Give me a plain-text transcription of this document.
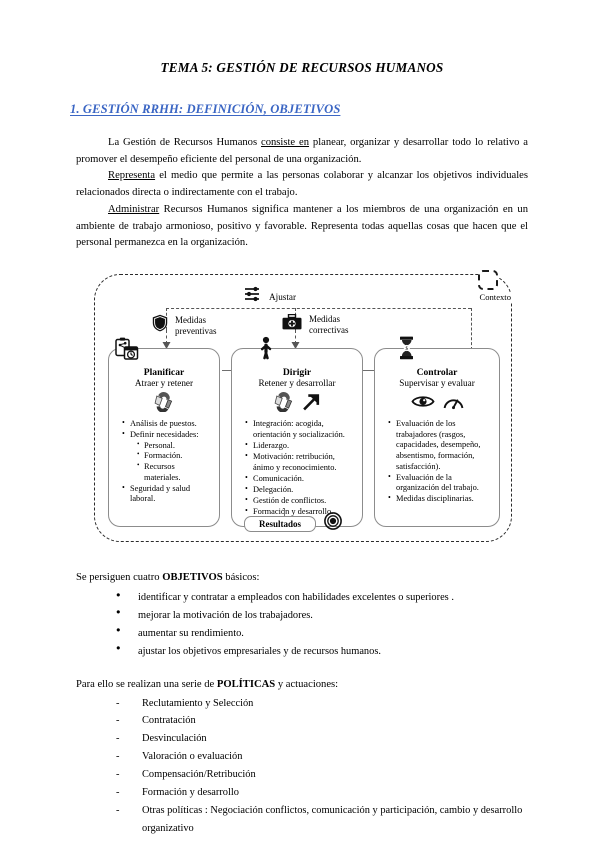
TEMA 5: GESTIÓN DE RECURSOS HUMANOS
1. GESTIÓN RRHH: DEFINICIÓN, OBJETIVOS

La Gestión de Recursos Humanos consiste en planear, organizar y desarrollar todo lo relativo a promover el desempeño eficiente del personal de una organización.

Representa el medio que permite a las personas colaborar y alcanzar los objetivos individuales relacionados directa o indirectamente con el trabajo.

Administrar Recursos Humanos significa mantener a los miembros de una organización en un ambiente de trabajo armonioso, positivo y favorable. Representa todas aquellas cosas que hacen que el personal permanezca en la organización.

Contexto
Ajustar
Medidas
preventivas
Medidas
correctivas
Planificar
Atraer y retener
• Análisis de puestos.
• Definir necesidades:
• Personal.
• Formación.
• Recursos materiales.
• Seguridad y salud laboral.
Dirigir
Retener y desarrollar
• Integración: acogida, orientación y socialización.
• Liderazgo.
• Motivación: retribución, ánimo y reconocimiento.
• Comunicación.
• Delegación.
• Gestión de conflictos.
• Formación y desarrollo.
$
Controlar
Supervisar y evaluar
• Evaluación de los trabajadores (rasgos, capacidades, desempeño, absentismo, formación, satisfacción).
• Evaluación de la organización del trabajo.
• Medidas disciplinarias.
Resultados

Se persiguen cuatro OBJETIVOS básicos:

● identificar y contratar a empleados con habilidades excelentes o superiores .
● mejorar la motivación de los trabajadores.
● aumentar su rendimiento.
● ajustar los objetivos empresariales y de recursos humanos.

Para ello se realizan una serie de POLÍTICAS y actuaciones:

- Reclutamiento y Selección
- Contratación
- Desvinculación
- Valoración o evaluación
- Compensación/Retribución
- Formación y desarrollo
- Otras políticas : Negociación conflictos, comunicación y participación, cambio y desarrollo organizativo
